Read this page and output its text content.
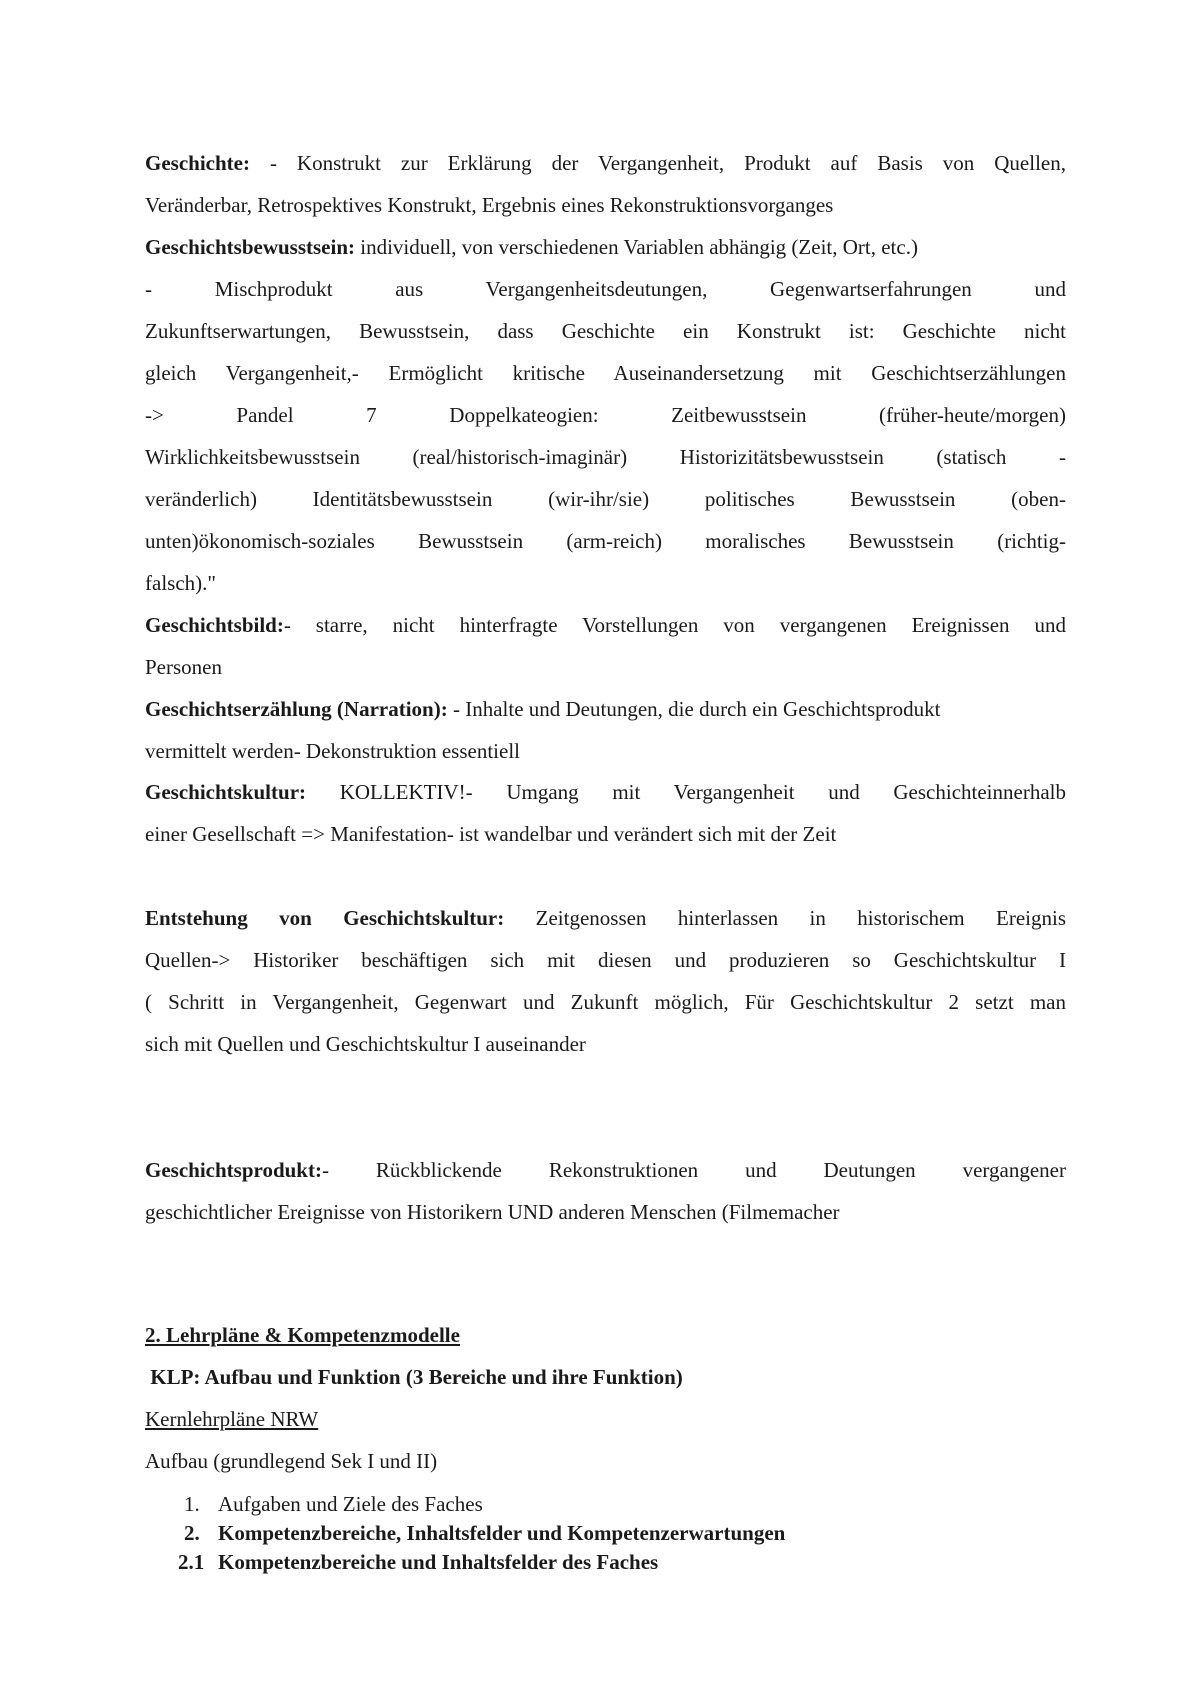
Geschichte: - Konstrukt zur Erklärung der Vergangenheit, Produkt auf Basis von Quellen,
Veränderbar, Retrospektives Konstrukt, Ergebnis eines Rekonstruktionsvorganges
Geschichtsbewusstsein: individuell, von verschiedenen Variablen abhängig (Zeit, Ort, etc.)
- Mischprodukt aus Vergangenheitsdeutungen, Gegenwartserfahrungen und
Zukunftserwartungen, Bewusstsein, dass Geschichte ein Konstrukt ist: Geschichte nicht
gleich Vergangenheit,- Ermöglicht kritische Auseinandersetzung mit Geschichtserzählungen
-> Pandel 7 Doppelkateogien: Zeitbewusstsein (früher-heute/morgen)
Wirklichkeitsbewusstsein (real/historisch-imaginär) Historizitätsbewusstsein (statisch -
veränderlich) Identitätsbewusstsein (wir-ihr/sie) politisches Bewusstsein (oben-
unten)ökonomisch-soziales Bewusstsein (arm-reich) moralisches Bewusstsein (richtig-
falsch)."
Geschichtsbild:- starre, nicht hinterfragte Vorstellungen von vergangenen Ereignissen und
Personen
Geschichtserzählung (Narration): - Inhalte und Deutungen, die durch ein Geschichtsprodukt
vermittelt werden- Dekonstruktion essentiell
Geschichtskultur: KOLLEKTIV!- Umgang mit Vergangenheit und Geschichteinnerhalb
einer Gesellschaft => Manifestation- ist wandelbar und verändert sich mit der Zeit
Entstehung von Geschichtskultur: Zeitgenossen hinterlassen in historischem Ereignis
Quellen-> Historiker beschäftigen sich mit diesen und produzieren so Geschichtskultur I
( Schritt in Vergangenheit, Gegenwart und Zukunft möglich, Für Geschichtskultur 2 setzt man
sich mit Quellen und Geschichtskultur I auseinander
Geschichtsprodukt:- Rückblickende Rekonstruktionen und Deutungen vergangener
geschichtlicher Ereignisse von Historikern UND anderen Menschen (Filmemacher
2. Lehrpläne & Kompetenzmodelle
KLP: Aufbau und Funktion (3 Bereiche und ihre Funktion)
Kernlehrpläne NRW
Aufbau (grundlegend Sek I und II)
1. Aufgaben und Ziele des Faches
2. Kompetenzbereiche, Inhaltsfelder und Kompetenzerwartungen
2.1 Kompetenzbereiche und Inhaltsfelder des Faches
